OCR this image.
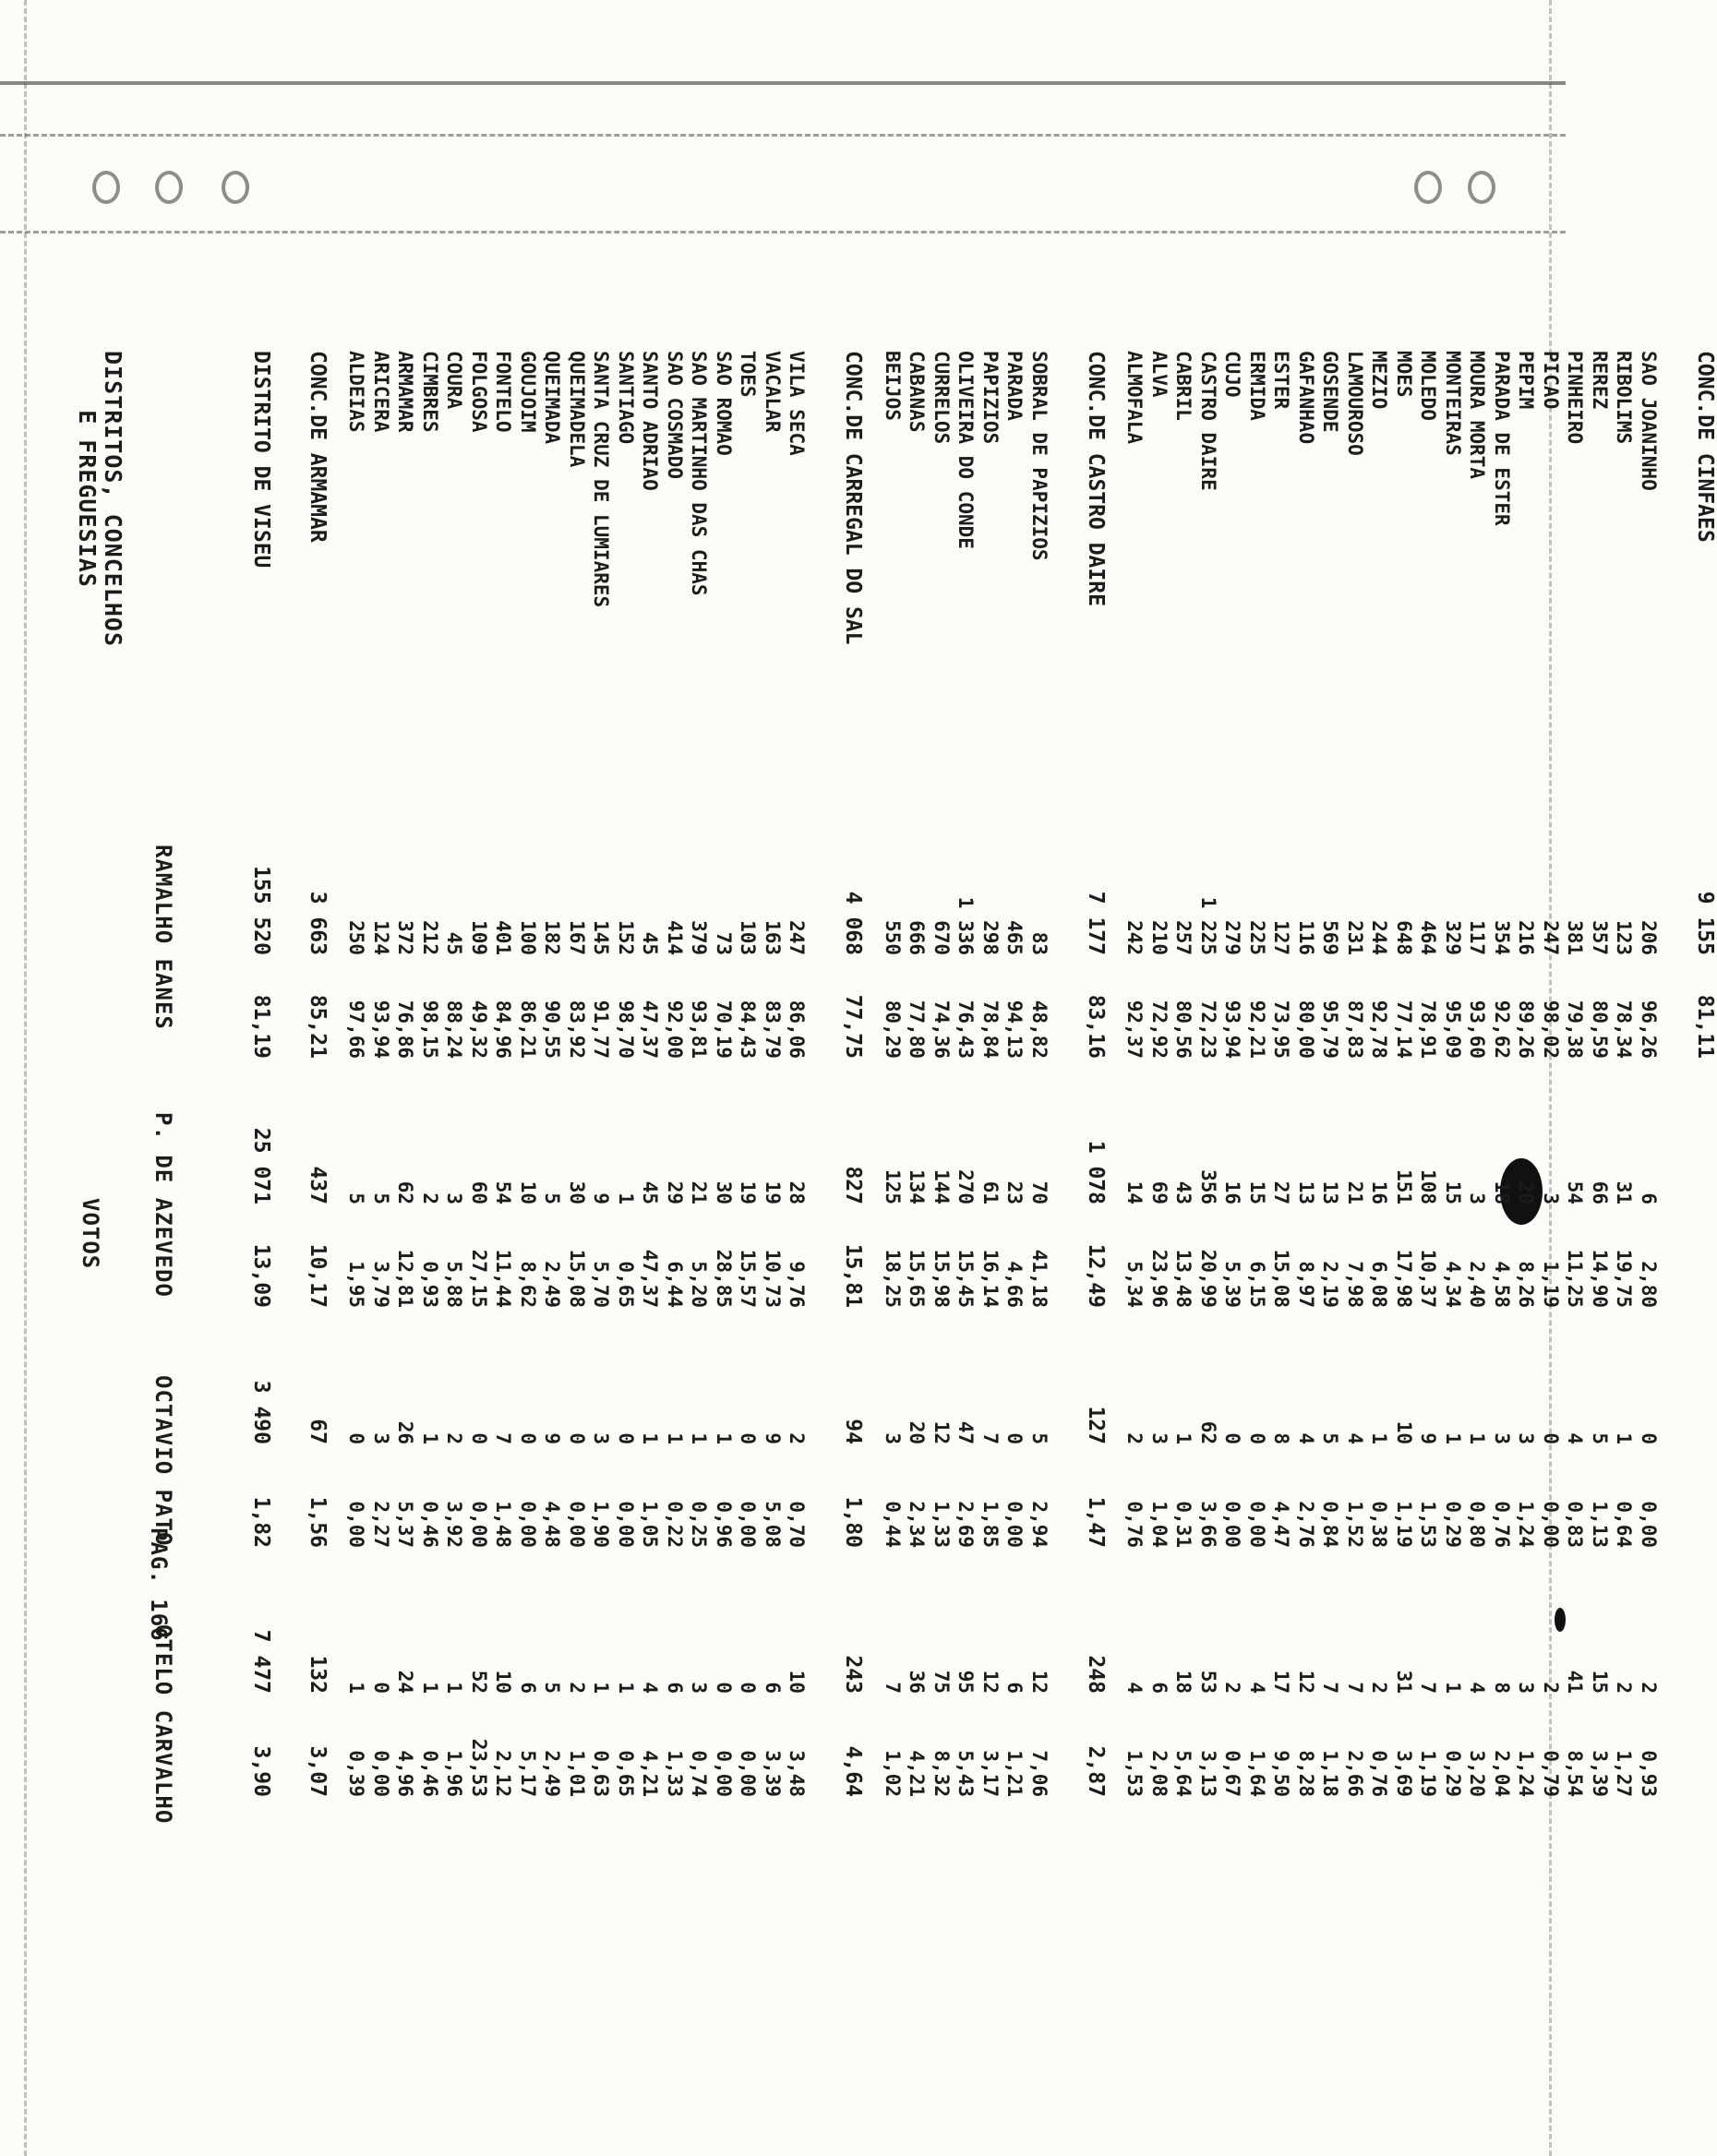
DISTRITOS, CONCELHOS
E FREGUESIAS
VOTOS
PAG. 166
RAMALHO EANES
P. DE AZEVEDO
OCTAVIO PATO
OTELO CARVALHO
DISTRITO DE VISEU
155 520
81,19
25 071
13,09
3 490
1,82
7 477
3,90
CONC.DE ARMAMAR
3 663
85,21
437
10,17
67
1,56
132
3,07
ALDEIAS
250
97,66
5
1,95
0
0,00
1
0,39
ARICERA
124
93,94
5
3,79
3
2,27
0
0,00
ARMAMAR
372
76,86
62
12,81
26
5,37
24
4,96
CIMBRES
212
98,15
2
0,93
1
0,46
1
0,46
COURA
45
88,24
3
5,88
2
3,92
1
1,96
FOLGOSA
109
49,32
60
27,15
0
0,00
52
23,53
FONTELO
401
84,96
54
11,44
7
1,48
10
2,12
GOUJOIM
100
86,21
10
8,62
0
0,00
6
5,17
QUEIMADA
182
90,55
5
2,49
9
4,48
5
2,49
QUEIMADELA
167
83,92
30
15,08
0
0,00
2
1,01
SANTA CRUZ DE LUMIARES
145
91,77
9
5,70
3
1,90
1
0,63
SANTIAGO
152
98,70
1
0,65
0
0,00
1
0,65
SANTO ADRIAO
45
47,37
45
47,37
1
1,05
4
4,21
SAO COSMADO
414
92,00
29
6,44
1
0,22
6
1,33
SAO MARTINHO DAS CHAS
379
93,81
21
5,20
1
0,25
3
0,74
SAO ROMAO
73
70,19
30
28,85
1
0,96
0
0,00
TOES
103
84,43
19
15,57
0
0,00
0
0,00
VACALAR
163
83,79
19
10,73
9
5,08
6
3,39
VILA SECA
247
86,06
28
9,76
2
0,70
10
3,48
CONC.DE CARREGAL DO SAL
4 068
77,75
827
15,81
94
1,80
243
4,64
BEIJOS
550
80,29
125
18,25
3
0,44
7
1,02
CABANAS
666
77,80
134
15,65
20
2,34
36
4,21
CURRELOS
670
74,36
144
15,98
12
1,33
75
8,32
OLIVEIRA DO CONDE
1 336
76,43
270
15,45
47
2,69
95
5,43
PAPIZIOS
298
78,84
61
16,14
7
1,85
12
3,17
PARADA
465
94,13
23
4,66
0
0,00
6
1,21
SOBRAL DE PAPIZIOS
83
48,82
70
41,18
5
2,94
12
7,06
CONC.DE CASTRO DAIRE
7 177
83,16
1 078
12,49
127
1,47
248
2,87
ALMOFALA
242
92,37
14
5,34
2
0,76
4
1,53
ALVA
210
72,92
69
23,96
3
1,04
6
2,08
CABRIL
257
80,56
43
13,48
1
0,31
18
5,64
CASTRO DAIRE
1 225
72,23
356
20,99
62
3,66
53
3,13
CUJO
279
93,94
16
5,39
0
0,00
2
0,67
ERMIDA
225
92,21
15
6,15
0
0,00
4
1,64
ESTER
127
73,95
27
15,08
8
4,47
17
9,50
GAFANHAO
116
80,00
13
8,97
4
2,76
12
8,28
GOSENDE
569
95,79
13
2,19
5
0,84
7
1,18
LAMOUROSO
231
87,83
21
7,98
4
1,52
7
2,66
MEZIO
244
92,78
16
6,08
1
0,38
2
0,76
MOES
648
77,14
151
17,98
10
1,19
31
3,69
MOLEDO
464
78,91
108
10,37
9
1,53
7
1,19
MONTEIRAS
329
95,09
15
4,34
1
0,29
1
0,29
MOURA MORTA
117
93,60
3
2,40
1
0,80
4
3,20
PARADA DE ESTER
354
92,62
18
4,58
3
0,76
8
2,04
PEPIM
216
89,26
20
8,26
3
1,24
3
1,24
PICAO
247
98,02
3
1,19
0
0,00
2
0,79
PINHEIRO
381
79,38
54
11,25
4
0,83
41
8,54
REREZ
357
80,59
66
14,90
5
1,13
15
3,39
RIBOLIMS
123
78,34
31
19,75
1
0,64
2
1,27
SAO JOANINHO
206
96,26
6
2,80
0
0,00
2
0,93
CONC.DE CINFAES
9 155
81,11
